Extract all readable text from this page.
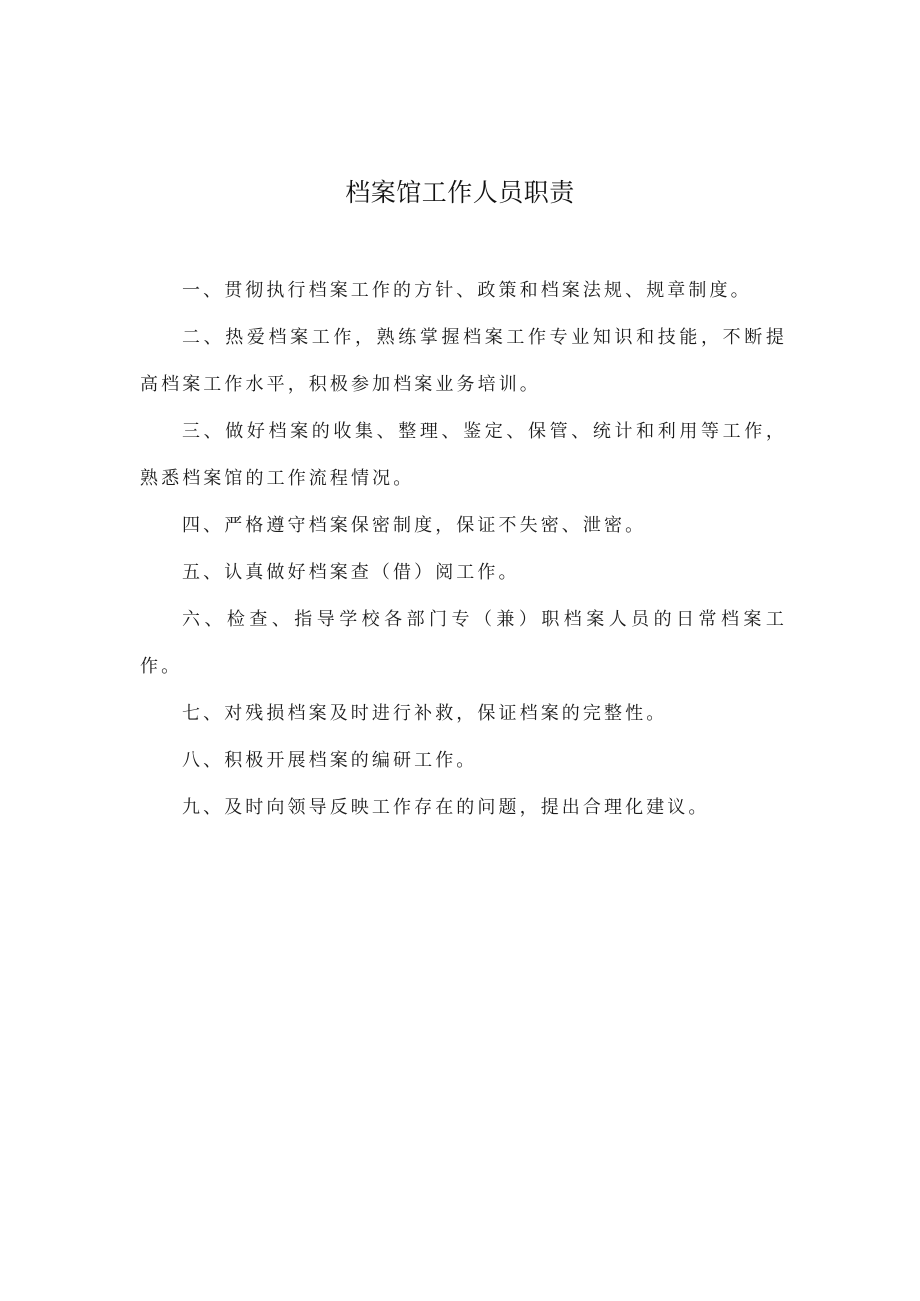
档案馆工作人员职责

一、贯彻执行档案工作的方针、政策和档案法规、规章制度。

二、热爱档案工作，熟练掌握档案工作专业知识和技能，不断提高档案工作水平，积极参加档案业务培训。

三、做好档案的收集、整理、鉴定、保管、统计和利用等工作，熟悉档案馆的工作流程情况。

四、严格遵守档案保密制度，保证不失密、泄密。

五、认真做好档案查（借）阅工作。

六、检查、指导学校各部门专（兼）职档案人员的日常档案工作。

七、对残损档案及时进行补救，保证档案的完整性。

八、积极开展档案的编研工作。

九、及时向领导反映工作存在的问题，提出合理化建议。
